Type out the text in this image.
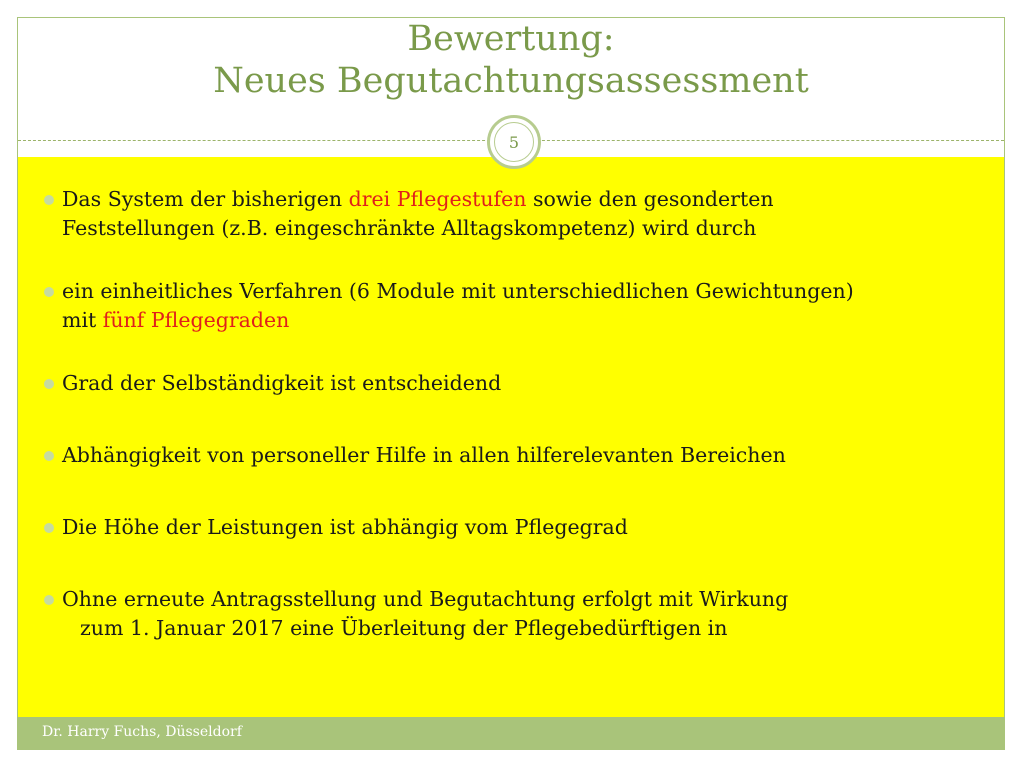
Bewertung:
Neues Begutachtungsassessment
5
Das System der bisherigen drei Pflegestufen sowie den gesonderten
Feststellungen (z.B. eingeschränkte Alltagskompetenz) wird durch
ein einheitliches Verfahren (6 Module mit unterschiedlichen Gewichtungen)
mit fünf Pflegegraden
Grad der Selbständigkeit ist entscheidend
Abhängigkeit von personeller Hilfe in allen hilferelevanten Bereichen
Die Höhe der Leistungen ist abhängig vom Pflegegrad
Ohne erneute Antragsstellung und Begutachtung erfolgt mit Wirkung
zum 1. Januar 2017 eine Überleitung der Pflegebedürftigen in
Dr. Harry Fuchs, Düsseldorf
